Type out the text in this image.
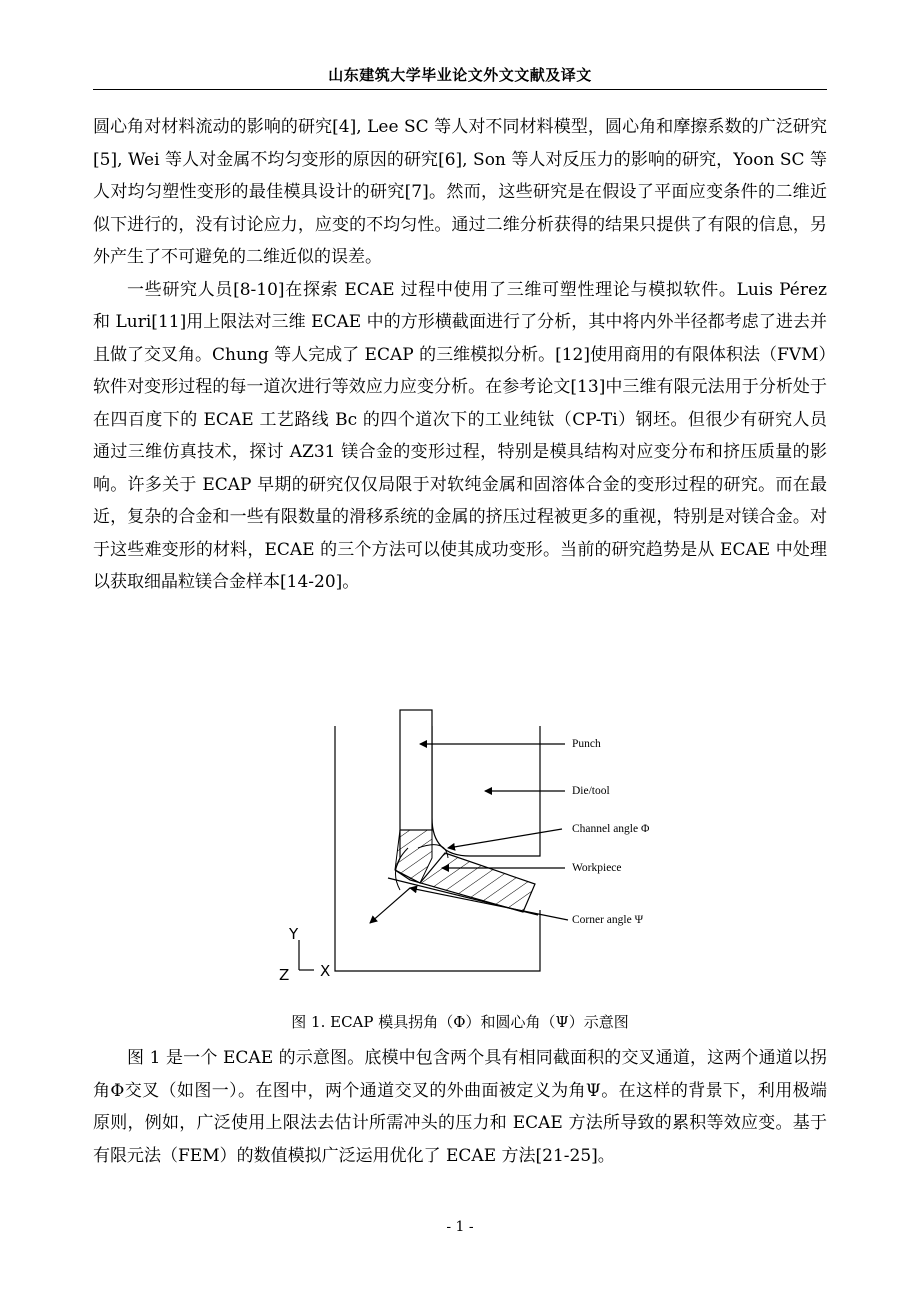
山东建筑大学毕业论文外文文献及译文

圆心角对材料流动的影响的研究[4], Lee SC 等人对不同材料模型，圆心角和摩擦系数的广泛研究[5], Wei 等人对金属不均匀变形的原因的研究[6], Son 等人对反压力的影响的研究，Yoon SC 等人对均匀塑性变形的最佳模具设计的研究[7]。然而，这些研究是在假设了平面应变条件的二维近似下进行的，没有讨论应力，应变的不均匀性。通过二维分析获得的结果只提供了有限的信息，另外产生了不可避免的二维近似的误差。

一些研究人员[8-10]在探索 ECAE 过程中使用了三维可塑性理论与模拟软件。Luis Pérez 和 Luri[11]用上限法对三维 ECAE 中的方形横截面进行了分析，其中将内外半径都考虑了进去并且做了交叉角。Chung 等人完成了 ECAP 的三维模拟分析。[12]使用商用的有限体积法（FVM）软件对变形过程的每一道次进行等效应力应变分析。在参考论文[13]中三维有限元法用于分析处于在四百度下的 ECAE 工艺路线 Bc 的四个道次下的工业纯钛（CP-Ti）钢坯。但很少有研究人员通过三维仿真技术，探讨 AZ31 镁合金的变形过程，特别是模具结构对应变分布和挤压质量的影响。许多关于 ECAP 早期的研究仅仅局限于对软纯金属和固溶体合金的变形过程的研究。而在最近，复杂的合金和一些有限数量的滑移系统的金属的挤压过程被更多的重视，特别是对镁合金。对于这些难变形的材料，ECAE 的三个方法可以使其成功变形。当前的研究趋势是从 ECAE 中处理以获取细晶粒镁合金样本[14-20]。

Punch
Die/tool
Channel angle Φ
Workpiece
Corner angle Ψ
Y
Z X
图 1. ECAP 模具拐角（Φ）和圆心角（Ψ）示意图

图 1 是一个 ECAE 的示意图。底模中包含两个具有相同截面积的交叉通道，这两个通道以拐角Φ交叉（如图一）。在图中，两个通道交叉的外曲面被定义为角Ψ。在这样的背景下，利用极端原则，例如，广泛使用上限法去估计所需冲头的压力和 ECAE 方法所导致的累积等效应变。基于有限元法（FEM）的数值模拟广泛运用优化了 ECAE 方法[21-25]。

- 1 -
